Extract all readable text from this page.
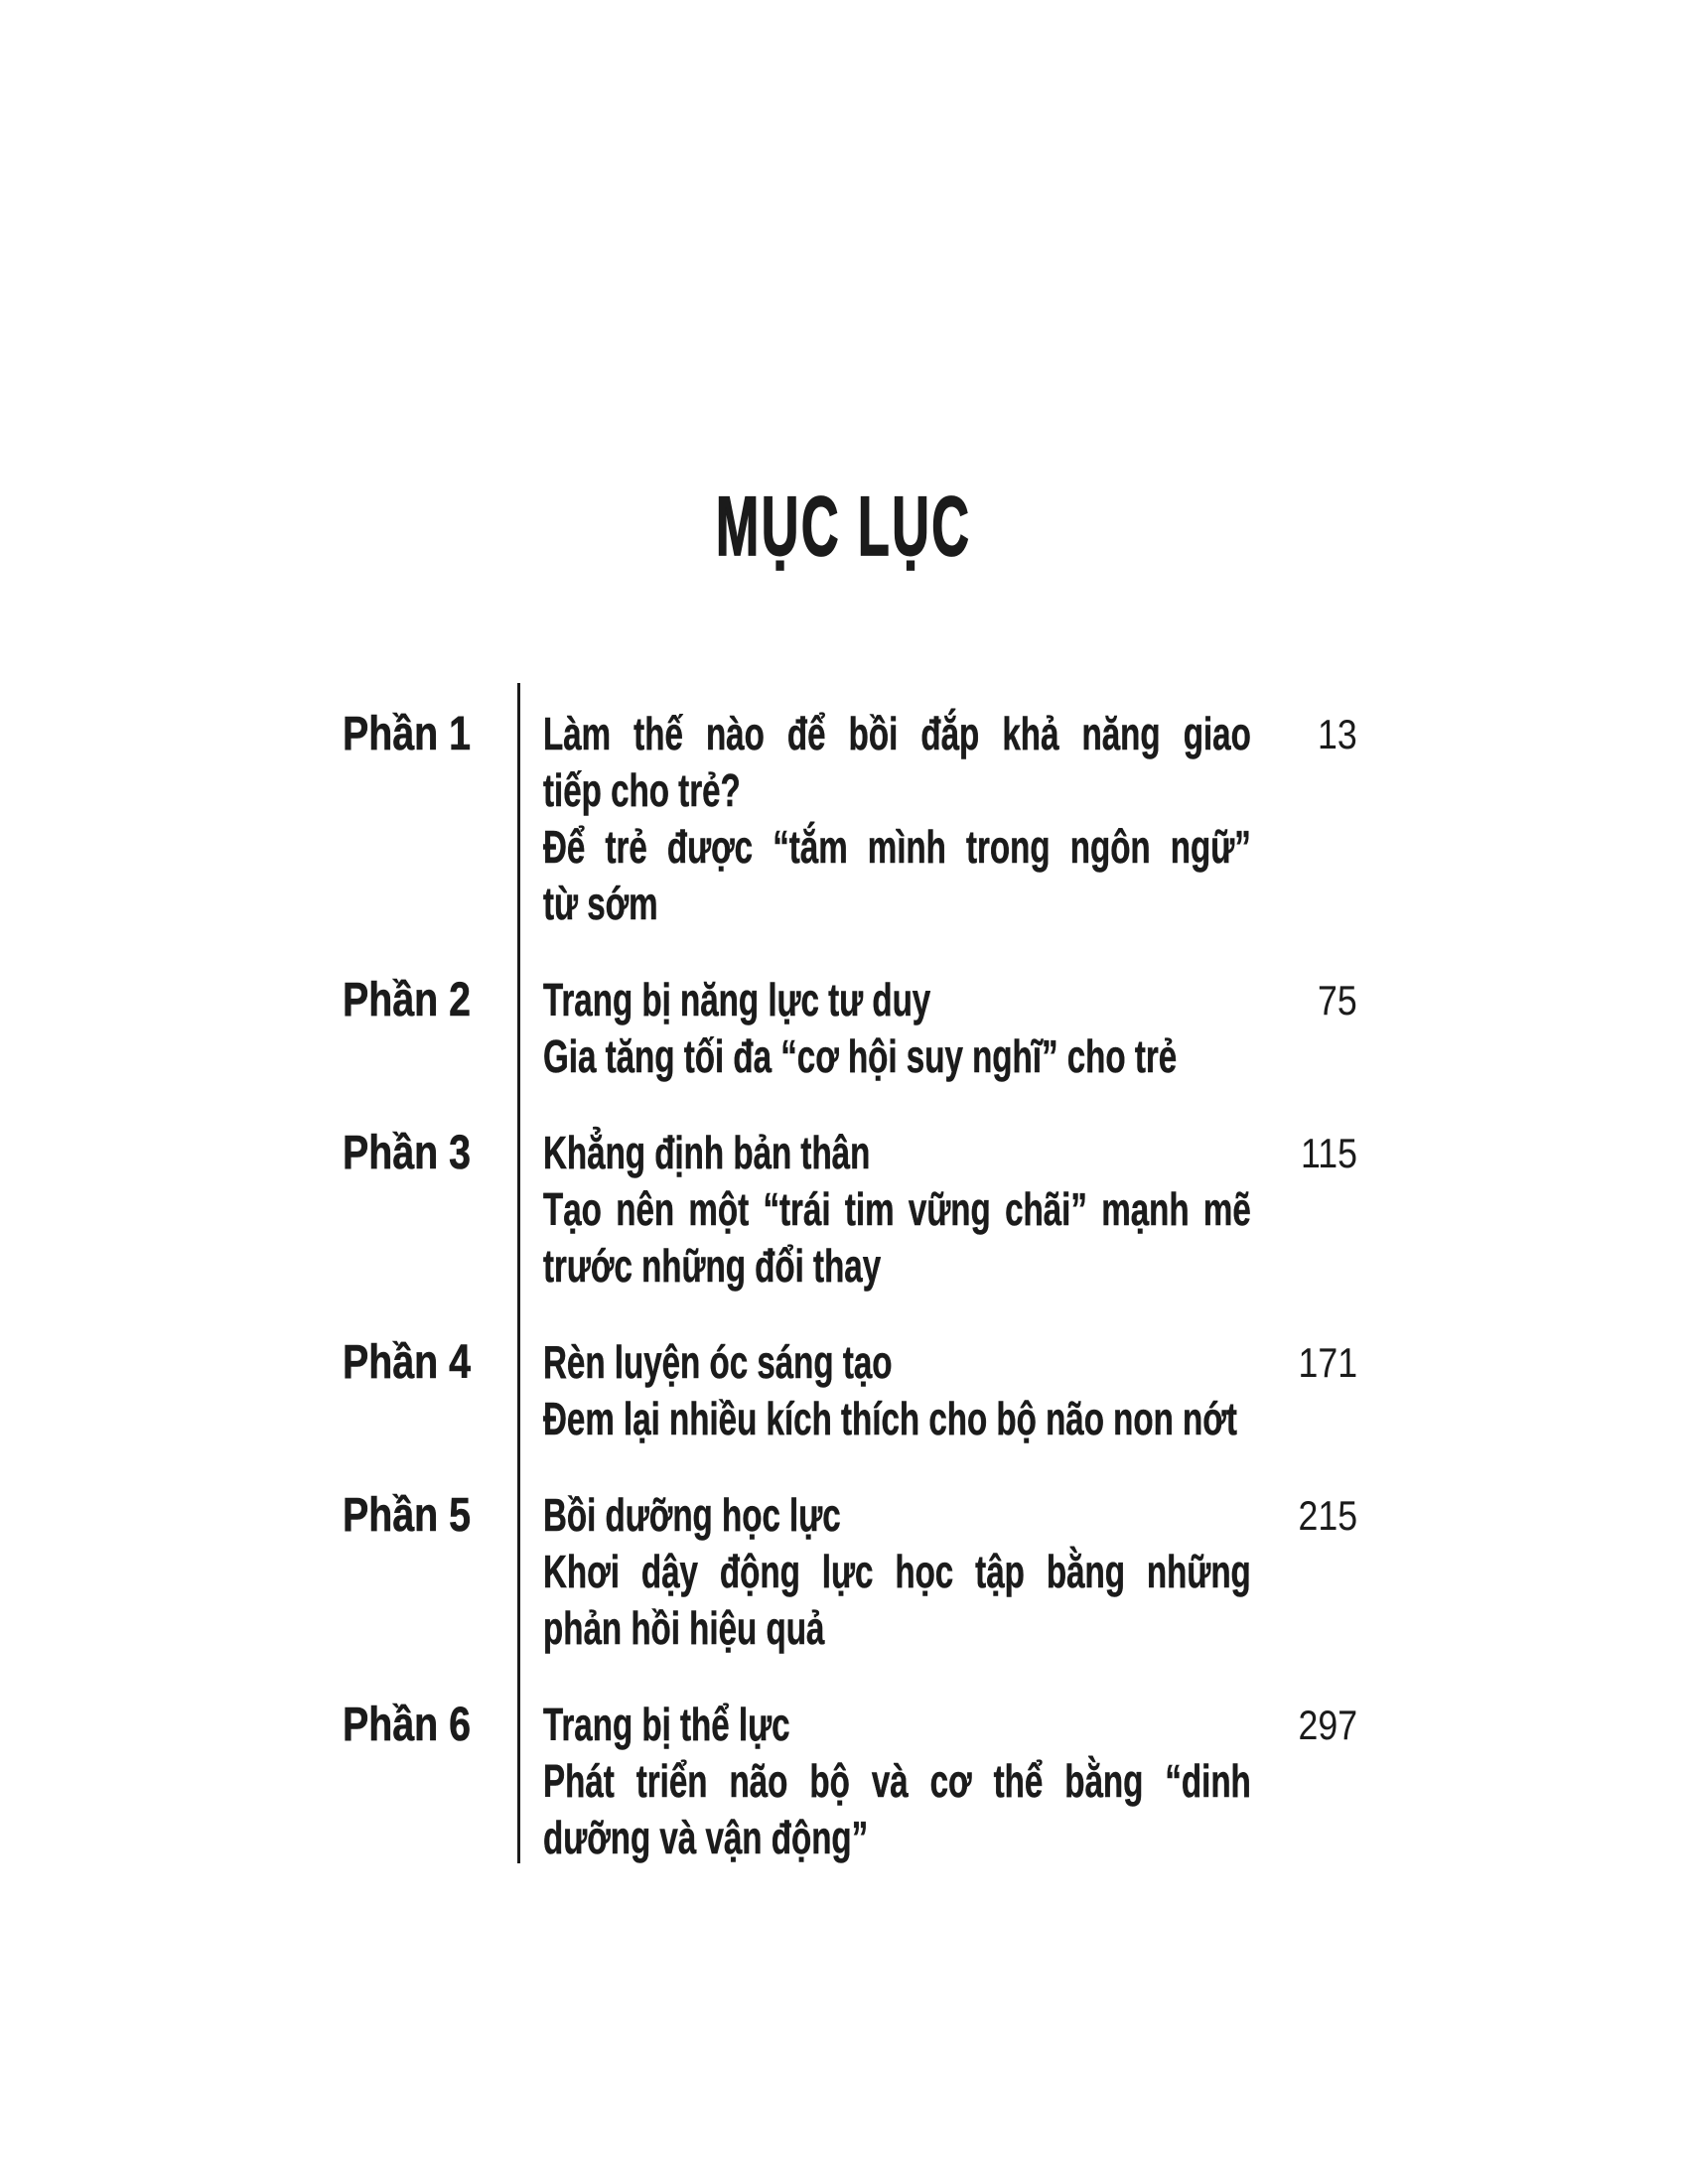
MỤC LỤC
Phần 1	Làm thế nào để bồi đắp khả năng giao
tiếp cho trẻ?
Để trẻ được “tắm mình trong ngôn ngữ”
từ sớm
13
Phần 2	Trang bị năng lực tư duy
Gia tăng tối đa “cơ hội suy nghĩ” cho trẻ
75
Phần 3	Khẳng định bản thân
Tạo nên một “trái tim vững chãi” mạnh mẽ
trước những đổi thay
115
Phần 4	Rèn luyện óc sáng tạo
Đem lại nhiều kích thích cho bộ não non nớt
171
Phần 5	Bồi dưỡng học lực
Khơi dậy động lực học tập bằng những
phản hồi hiệu quả
215
Phần 6	Trang bị thể lực
Phát triển não bộ và cơ thể bằng “dinh
dưỡng và vận động”
297
